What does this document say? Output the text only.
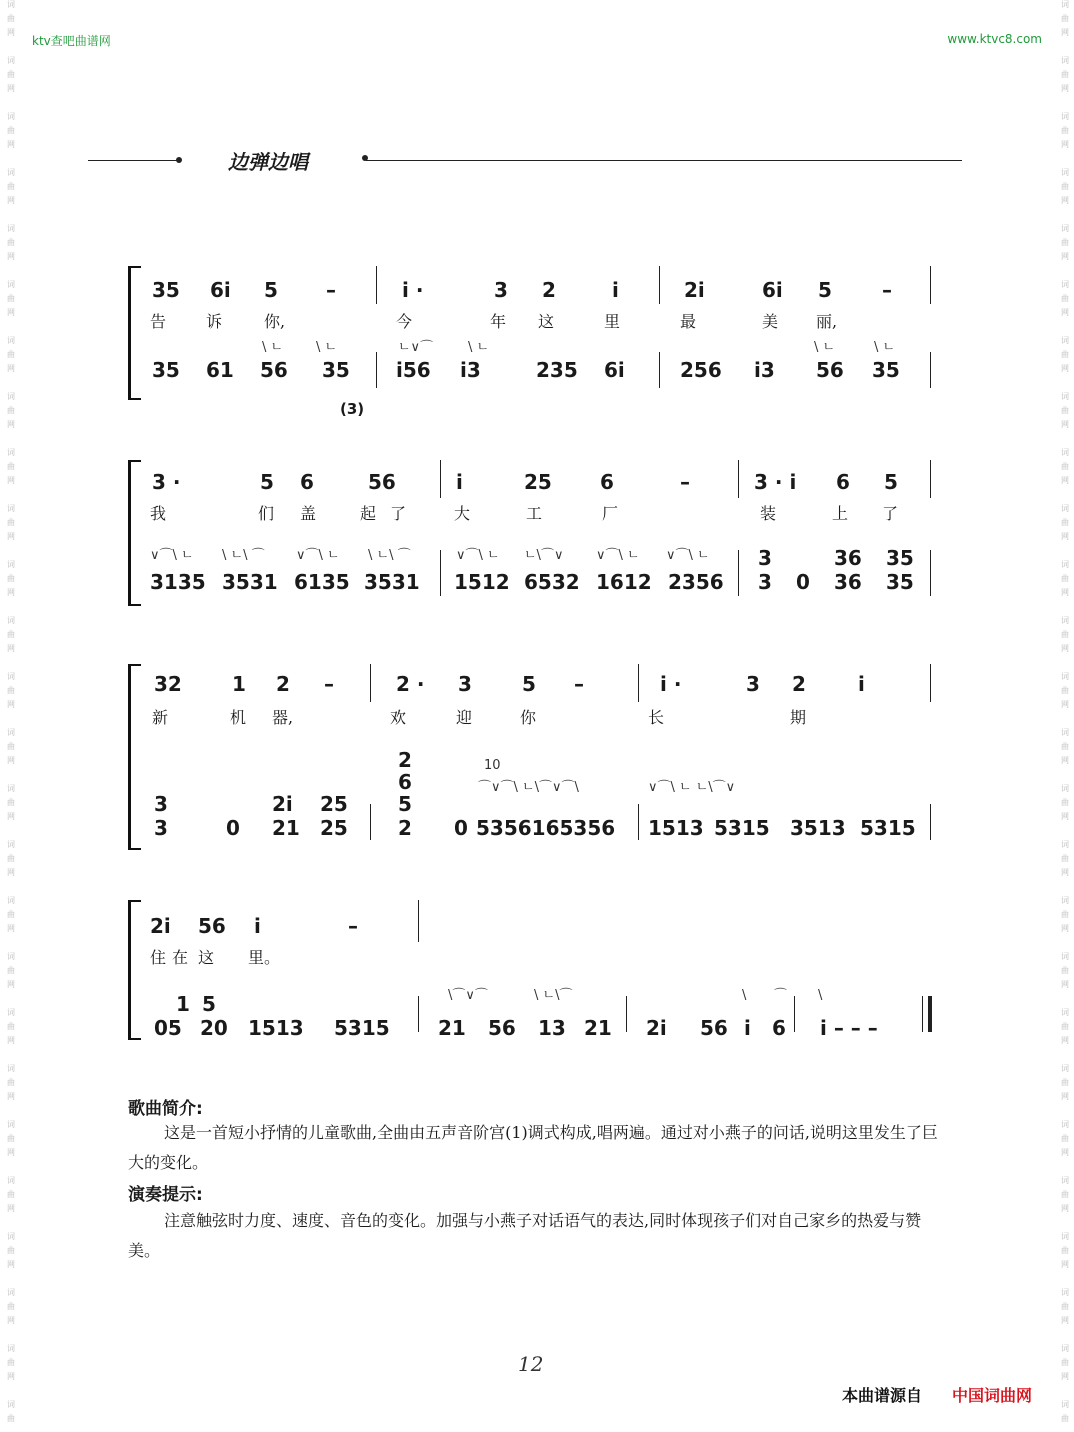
词
曲
网
词
曲
网
词
曲
网
词
曲
网
词
曲
网
词
曲
网
词
曲
网
词
曲
网
词
曲
网
词
曲
网
词
曲
网
词
曲
网
词
曲
网
词
曲
网
词
曲
网
词
曲
网
词
曲
网
词
曲
网
词
曲
网
词
曲
网
词
曲
网
词
曲
网
词
曲
网
词
曲
网
词
曲
网
词
曲
词
曲
网
词
曲
网
词
曲
网
词
曲
网
词
曲
网
词
曲
网
词
曲
网
词
曲
网
词
曲
网
词
曲
网
词
曲
网
词
曲
网
词
曲
网
词
曲
网
词
曲
网
词
曲
网
词
曲
网
词
曲
网
词
曲
网
词
曲
网
词
曲
网
词
曲
网
词
曲
网
词
曲
网
词
曲
网
词
曲
ktv查吧曲谱网	www.ktvc8.com
边弹边唱
35 6i 5 –	i ·	3 2	i	2i	6i 5	–
告 诉	你,	今	年 这	里	最	美 丽,
\ ㄴ	\ ㄴ	ㄴ∨⌒	\ ㄴ	\ ㄴ	\ ㄴ
35 61 56 35 i56 i3	235 6i	256 i3 56 35
(3)
3 ·	5 6	56	i	25 6	–	3 · i 6 5
我	们 盖	起 了	大	工	厂	装	上 了
∨⌒\ ㄴ \ ㄴ\ ⌒ ∨⌒\ ㄴ \ ㄴ\ ⌒	∨⌒\ ㄴ ㄴ\⌒∨	∨⌒\ ㄴ ∨⌒\ ㄴ 3	36 35
3135 3531 6135 3531 1512 6532 1612 2356 3 0 36 35
32	1 2 –	2 · 3	5 –	i ·	3 2	i
新	机 器,	欢	迎	你	长	期
2
6
5
2
10
⌒∨⌒\ ㄴ\⌒∨⌒\	∨⌒\ ㄴ ㄴ\⌒∨
3	2i 25
3	0 21 25	0 5356165356 1513 5315 3513 5315
2i 56 i	–
住 在 这 里。
\⌒∨⌒	\ ㄴ\⌒	\ ⌒ \
1 5
05 20 1513 5315 21 56 13 21 2i 56 i 6 i – – –
歌曲简介:
这是一首短小抒情的儿童歌曲,全曲由五声音阶宫(1)调式构成,唱两遍。通过对小燕子的问话,说明这里发生了巨大的变化。
演奏提示:
注意触弦时力度、速度、音色的变化。加强与小燕子对话语气的表达,同时体现孩子们对自己家乡的热爱与赞美。
12
本曲谱源自 中国词曲网
